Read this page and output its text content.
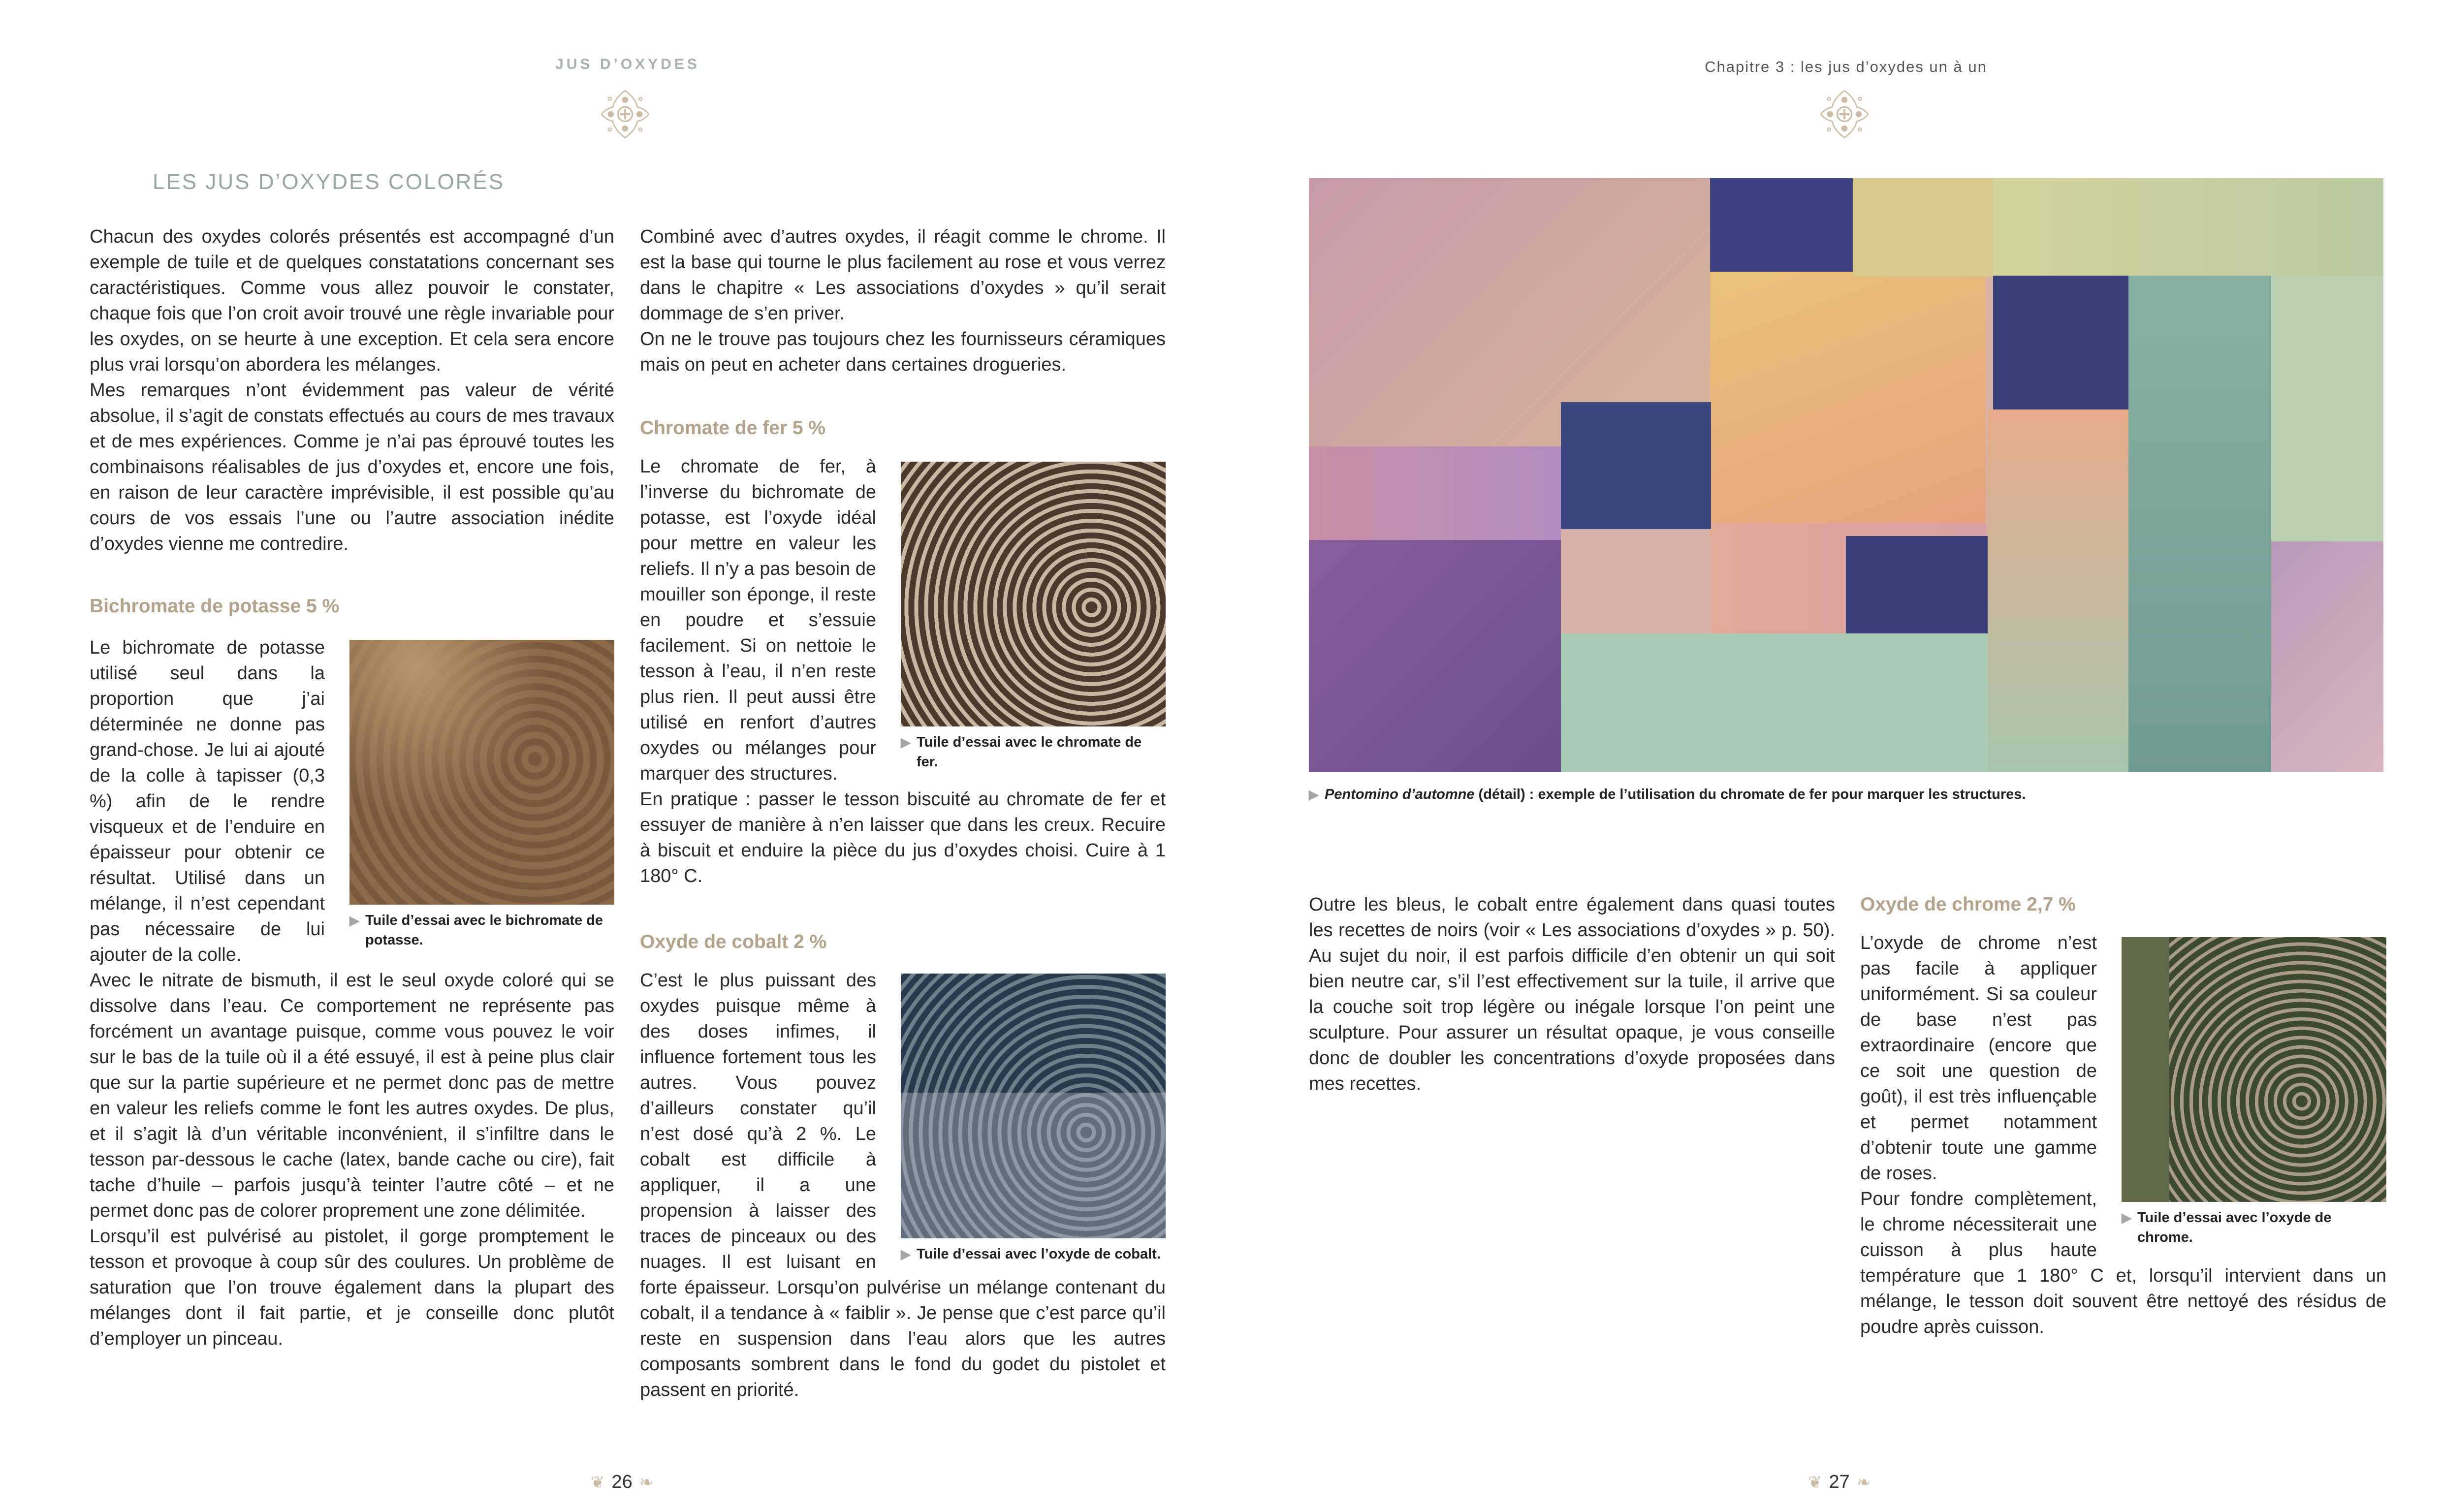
JUS D’OXYDES
LES JUS D’OXYDES COLORÉS

Chacun des oxydes colorés présentés est accompagné d’un exemple de tuile et de quelques constatations concernant ses caractéristiques. Comme vous allez pouvoir le constater, chaque fois que l’on croit avoir trouvé une règle invariable pour les oxydes, on se heurte à une exception. Et cela sera encore plus vrai lorsqu’on abordera les mélanges.

Mes remarques n’ont évidemment pas valeur de vérité absolue, il s’agit de constats effectués au cours de mes travaux et de mes expériences. Comme je n’ai pas éprouvé toutes les combinaisons réalisables de jus d’oxydes et, encore une fois, en raison de leur caractère imprévisible, il est possible qu’au cours de vos essais l’une ou l’autre association inédite d’oxydes vienne me contredire.

Bichromate de potasse 5 %
▶ Tuile d’essai avec le bichromate de potasse.

Le bichromate de potasse utilisé seul dans la proportion que j’ai déterminée ne donne pas grand-chose. Je lui ai ajouté de la colle à tapisser (0,3 %) afin de le rendre visqueux et de l’enduire en épaisseur pour obtenir ce résultat. Utilisé dans un mélange, il n’est cependant pas nécessaire de lui ajouter de la colle.

Avec le nitrate de bismuth, il est le seul oxyde coloré qui se dissolve dans l’eau. Ce comportement ne représente pas forcément un avantage puisque, comme vous pouvez le voir sur le bas de la tuile où il a été essuyé, il est à peine plus clair que sur la partie supérieure et ne permet donc pas de mettre en valeur les reliefs comme le font les autres oxydes. De plus, et il s’agit là d’un véritable inconvénient, il s’infiltre dans le tesson par-dessous le cache (latex, bande cache ou cire), fait tache d’huile – parfois jusqu’à teinter l’autre côté – et ne permet donc pas de colorer proprement une zone délimitée.

Lorsqu’il est pulvérisé au pistolet, il gorge promptement le tesson et provoque à coup sûr des coulures. Un problème de saturation que l’on trouve également dans la plupart des mélanges dont il fait partie, et je conseille donc plutôt d’employer un pinceau.

Combiné avec d’autres oxydes, il réagit comme le chrome. Il est la base qui tourne le plus facilement au rose et vous verrez dans le chapitre « Les associations d’oxydes » qu’il serait dommage de s’en priver.

On ne le trouve pas toujours chez les fournisseurs céramiques mais on peut en acheter dans certaines drogueries.

Chromate de fer 5 %
▶ Tuile d’essai avec le chromate de fer.

Le chromate de fer, à l’inverse du bichromate de potasse, est l’oxyde idéal pour mettre en valeur les reliefs. Il n’y a pas besoin de mouiller son éponge, il reste en poudre et s’essuie facilement. Si on nettoie le tesson à l’eau, il n’en reste plus rien. Il peut aussi être utilisé en renfort d’autres oxydes ou mélanges pour marquer des structures.

En pratique : passer le tesson biscuité au chromate de fer et essuyer de manière à n’en laisser que dans les creux. Recuire à biscuit et enduire la pièce du jus d’oxydes choisi. Cuire à 1 180° C.

Oxyde de cobalt 2 %
▶ Tuile d’essai avec l’oxyde de cobalt.

C’est le plus puissant des oxydes puisque même à des doses infimes, il influence fortement tous les autres. Vous pouvez d’ailleurs constater qu’il n’est dosé qu’à 2 %. Le cobalt est difficile à appliquer, il a une propension à laisser des traces de pinceaux ou des nuages. Il est luisant en forte épaisseur. Lorsqu’on pulvérise un mélange contenant du cobalt, il a tendance à « faiblir ». Je pense que c’est parce qu’il reste en suspension dans l’eau alors que les autres composants sombrent dans le fond du godet du pistolet et passent en priorité.

❦ 26 ❧
Chapitre 3 : les jus d’oxydes un à un
▶ Pentomino d’automne (détail) : exemple de l’utilisation du chromate de fer pour marquer les structures.

Outre les bleus, le cobalt entre également dans quasi toutes les recettes de noirs (voir « Les associations d’oxydes » p. 50). Au sujet du noir, il est parfois difficile d’en obtenir un qui soit bien neutre car, s’il l’est effectivement sur la tuile, il arrive que la couche soit trop légère ou inégale lorsque l’on peint une sculpture. Pour assurer un résultat opaque, je vous conseille donc de doubler les concentrations d’oxyde proposées dans mes recettes.

Oxyde de chrome 2,7 %
▶ Tuile d’essai avec l’oxyde de chrome.

L’oxyde de chrome n’est pas facile à appliquer uniformément. Si sa couleur de base n’est pas extraordinaire (encore que ce soit une question de goût), il est très influençable et permet notamment d’obtenir toute une gamme de roses.

Pour fondre complètement, le chrome nécessiterait une cuisson à plus haute température que 1 180° C et, lorsqu’il intervient dans un mélange, le tesson doit souvent être nettoyé des résidus de poudre après cuisson.

❦ 27 ❧
